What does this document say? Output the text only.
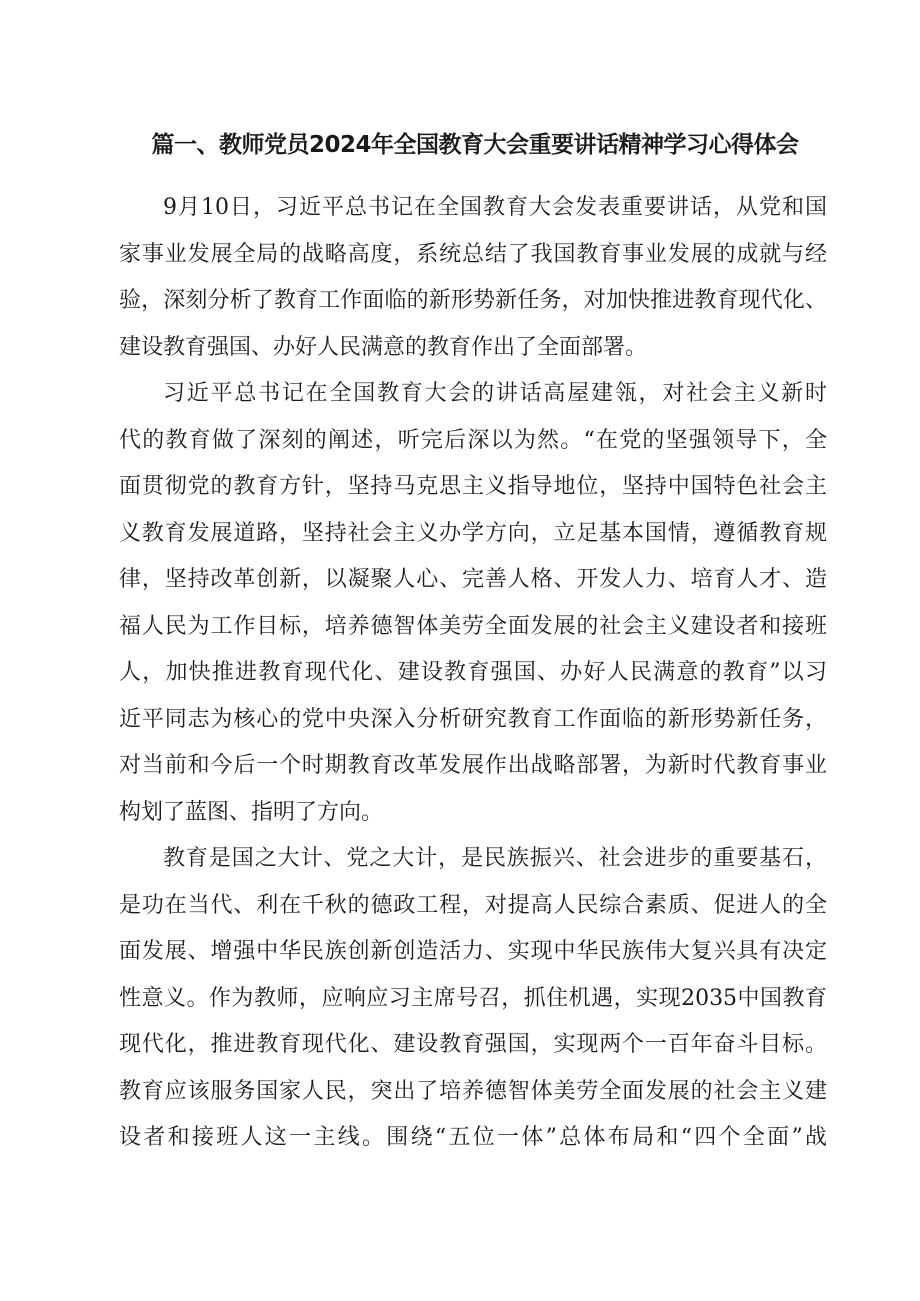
篇一、教师党员2024年全国教育大会重要讲话精神学习心得体会
9月10日，习近平总书记在全国教育大会发表重要讲话，从党和国
家事业发展全局的战略高度，系统总结了我国教育事业发展的成就与经
验，深刻分析了教育工作面临的新形势新任务，对加快推进教育现代化、
建设教育强国、办好人民满意的教育作出了全面部署。
习近平总书记在全国教育大会的讲话高屋建瓴，对社会主义新时
代的教育做了深刻的阐述，听完后深以为然。“在党的坚强领导下，全
面贯彻党的教育方针，坚持马克思主义指导地位，坚持中国特色社会主
义教育发展道路，坚持社会主义办学方向，立足基本国情，遵循教育规
律，坚持改革创新，以凝聚人心、完善人格、开发人力、培育人才、造
福人民为工作目标，培养德智体美劳全面发展的社会主义建设者和接班
人，加快推进教育现代化、建设教育强国、办好人民满意的教育”以习
近平同志为核心的党中央深入分析研究教育工作面临的新形势新任务，
对当前和今后一个时期教育改革发展作出战略部署，为新时代教育事业
构划了蓝图、指明了方向。
教育是国之大计、党之大计，是民族振兴、社会进步的重要基石，
是功在当代、利在千秋的德政工程，对提高人民综合素质、促进人的全
面发展、增强中华民族创新创造活力、实现中华民族伟大复兴具有决定
性意义。作为教师，应响应习主席号召，抓住机遇，实现2035中国教育
现代化，推进教育现代化、建设教育强国，实现两个一百年奋斗目标。
教育应该服务国家人民，突出了培养德智体美劳全面发展的社会主义建
设者和接班人这一主线。围绕“五位一体”总体布局和“四个全面”战
